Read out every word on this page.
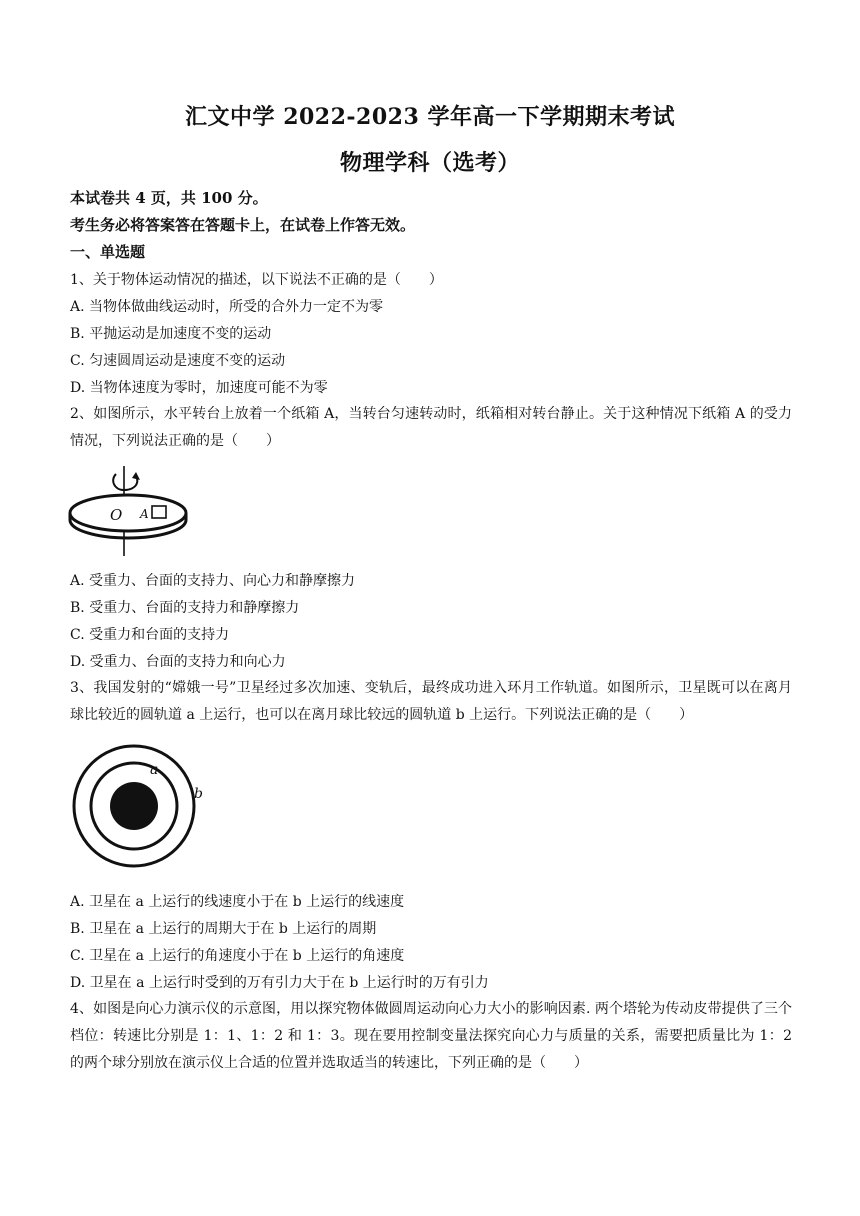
汇文中学 2022-2023 学年高一下学期期末考试
物理学科（选考）
本试卷共 4 页，共 100 分。
考生务必将答案答在答题卡上，在试卷上作答无效。
一、单选题
1、关于物体运动情况的描述，以下说法不正确的是（　　）
A. 当物体做曲线运动时，所受的合外力一定不为零
B. 平抛运动是加速度不变的运动
C. 匀速圆周运动是速度不变的运动
D. 当物体速度为零时，加速度可能不为零
2、如图所示，水平转台上放着一个纸箱 A，当转台匀速转动时，纸箱相对转台静止。关于这种情况下纸箱 A 的受力情况，下列说法正确的是（　　）
O A
A. 受重力、台面的支持力、向心力和静摩擦力
B. 受重力、台面的支持力和静摩擦力
C. 受重力和台面的支持力
D. 受重力、台面的支持力和向心力
3、我国发射的“嫦娥一号”卫星经过多次加速、变轨后，最终成功进入环月工作轨道。如图所示，卫星既可以在离月球比较近的圆轨道 a 上运行，也可以在离月球比较远的圆轨道 b 上运行。下列说法正确的是（　　）
a
b
A. 卫星在 a 上运行的线速度小于在 b 上运行的线速度
B. 卫星在 a 上运行的周期大于在 b 上运行的周期
C. 卫星在 a 上运行的角速度小于在 b 上运行的角速度
D. 卫星在 a 上运行时受到的万有引力大于在 b 上运行时的万有引力
4、如图是向心力演示仪的示意图，用以探究物体做圆周运动向心力大小的影响因素. 两个塔轮为传动皮带提供了三个档位：转速比分别是 1：1、1：2 和 1：3。现在要用控制变量法探究向心力与质量的关系，需要把质量比为 1：2 的两个球分别放在演示仪上合适的位置并选取适当的转速比，下列正确的是（　　）
